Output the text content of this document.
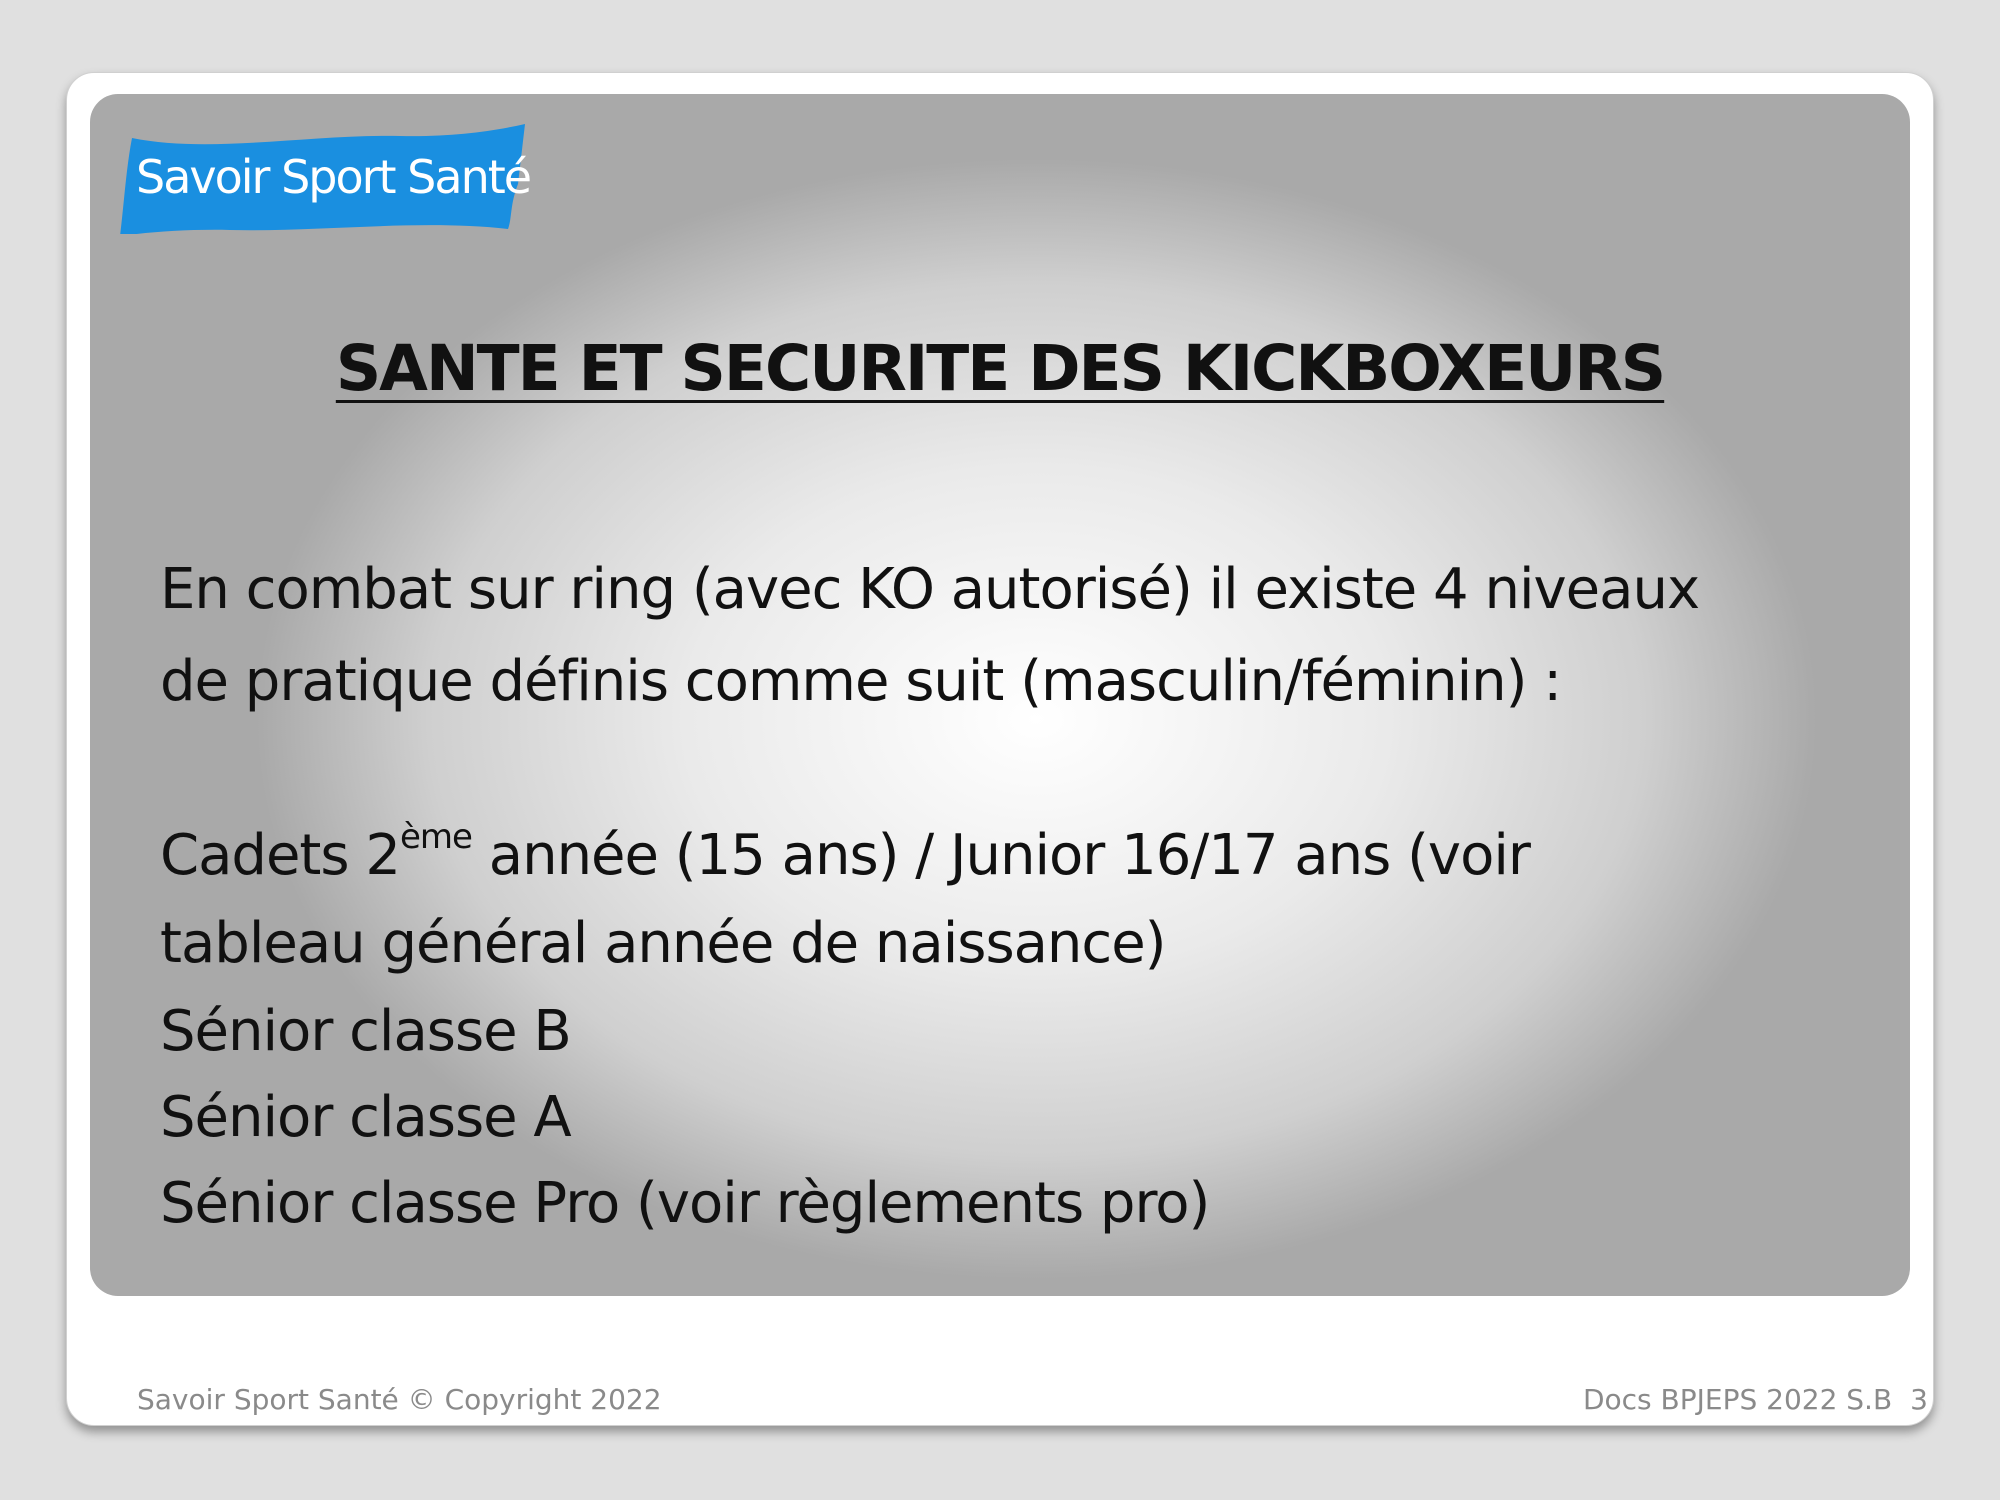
Savoir Sport Santé
SANTE ET SECURITE DES KICKBOXEURS
En combat sur ring (avec KO autorisé) il existe 4 niveaux
de pratique définis comme suit (masculin/féminin) :
Cadets 2ème année (15 ans) / Junior 16/17 ans (voir
tableau général année de naissance)
Sénior classe B
Sénior classe A
Sénior classe Pro (voir règlements pro)
Savoir Sport Santé © Copyright 2022	Docs BPJEPS 2022 S.B 3
